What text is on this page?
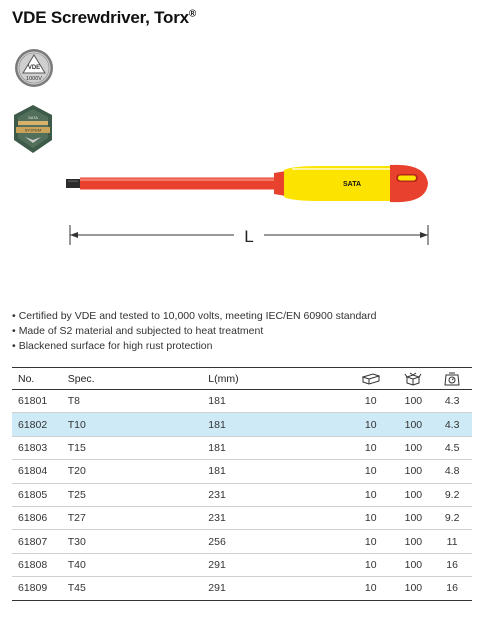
VDE Screwdriver, Torx®
VDE
1000V
SATA
SYSTEM
SATA
L
• Certified by VDE and tested to 10,000 volts, meeting IEC/EN 60900 standard
• Made of S2 material and subjected to heat treatment
• Blackened surface for high rust protection
No.	Spec.	L(mm)			
61801	T8	181	10	100	4.3
61802	T10	181	10	100	4.3
61803	T15	181	10	100	4.5
61804	T20	181	10	100	4.8
61805	T25	231	10	100	9.2
61806	T27	231	10	100	9.2
61807	T30	256	10	100	11
61808	T40	291	10	100	16
61809	T45	291	10	100	16
